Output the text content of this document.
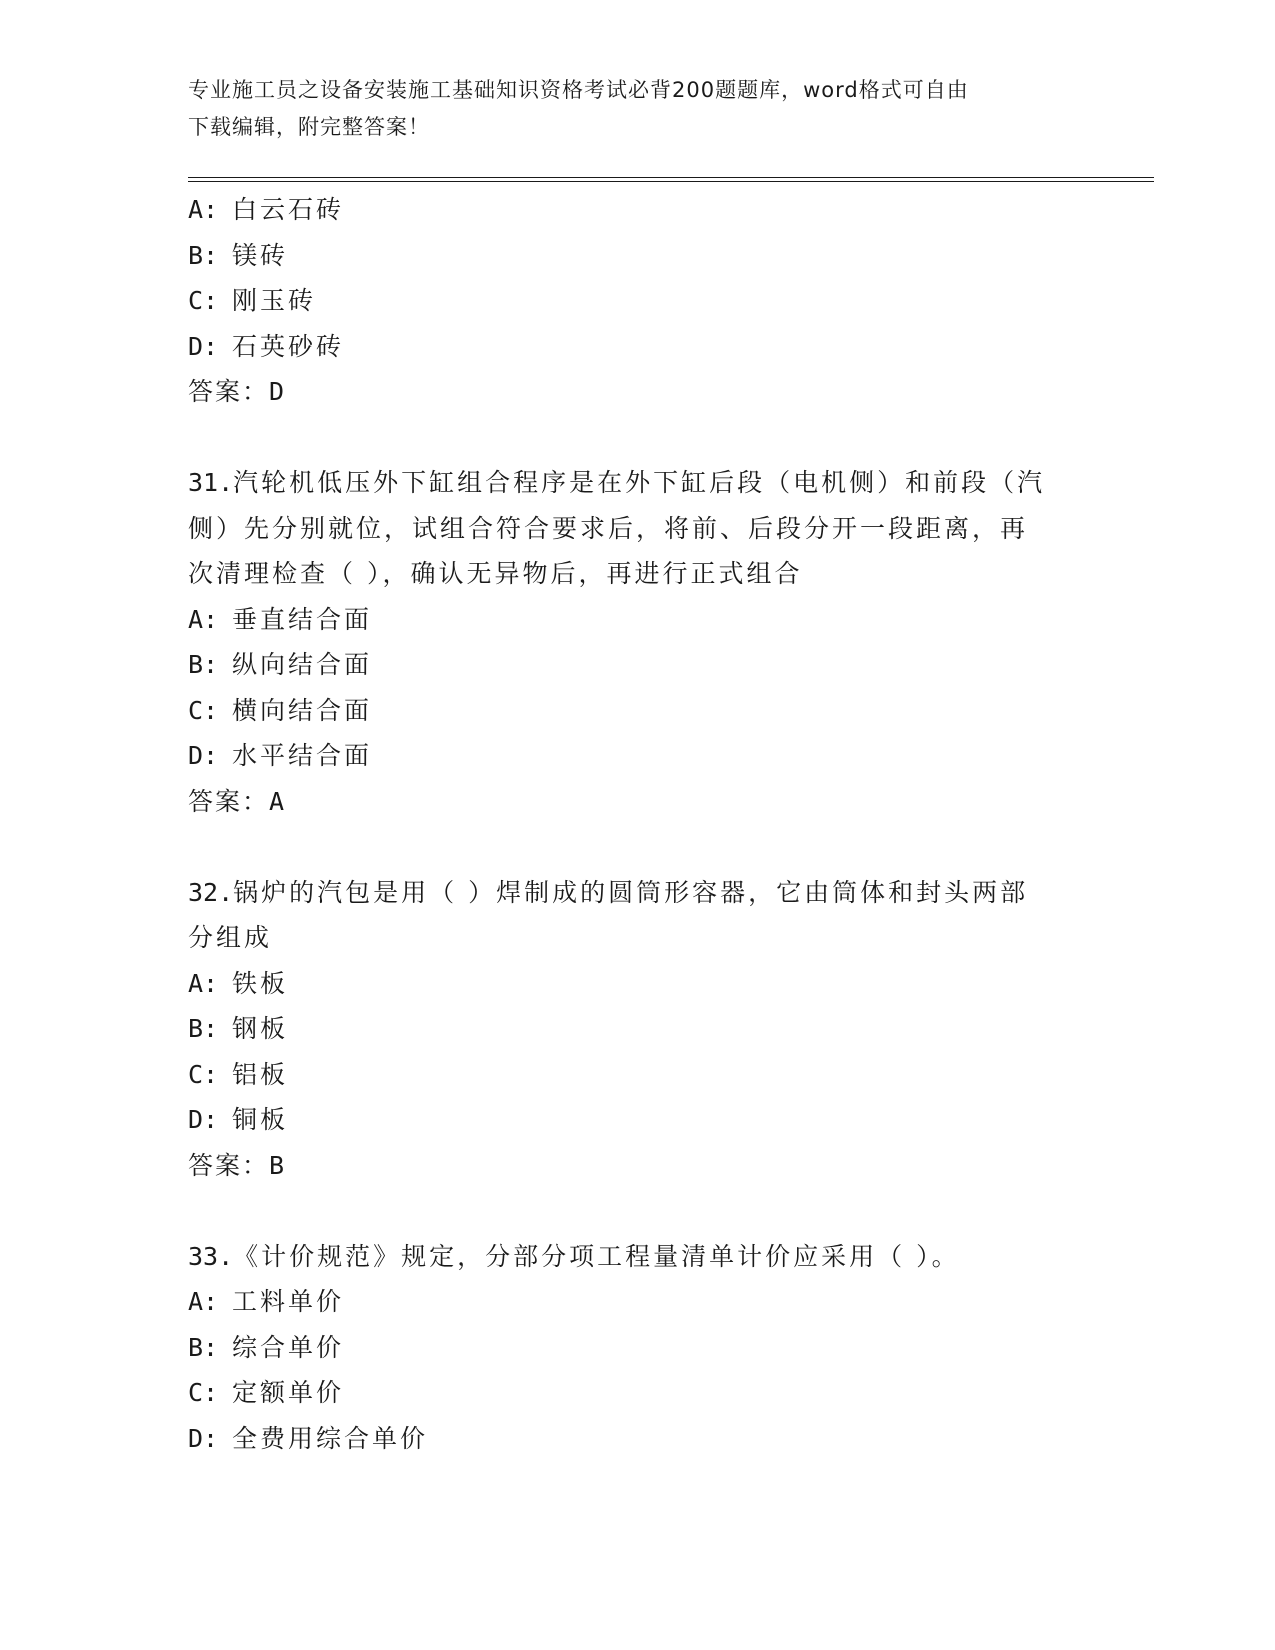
专业施工员之设备安装施工基础知识资格考试必背200题题库，word格式可自由
下载编辑，附完整答案！
A: 白云石砖
B: 镁砖
C: 刚玉砖
D: 石英砂砖
答案：D
31.汽轮机低压外下缸组合程序是在外下缸后段（电机侧）和前段（汽
侧）先分别就位，试组合符合要求后，将前、后段分开一段距离，再
次清理检查（ ），确认无异物后，再进行正式组合
A: 垂直结合面
B: 纵向结合面
C: 横向结合面
D: 水平结合面
答案：A
32.锅炉的汽包是用（ ）焊制成的圆筒形容器，它由筒体和封头两部
分组成
A: 铁板
B: 钢板
C: 铝板
D: 铜板
答案：B
33.《计价规范》规定，分部分项工程量清单计价应采用（ ）。
A: 工料单价
B: 综合单价
C: 定额单价
D: 全费用综合单价
